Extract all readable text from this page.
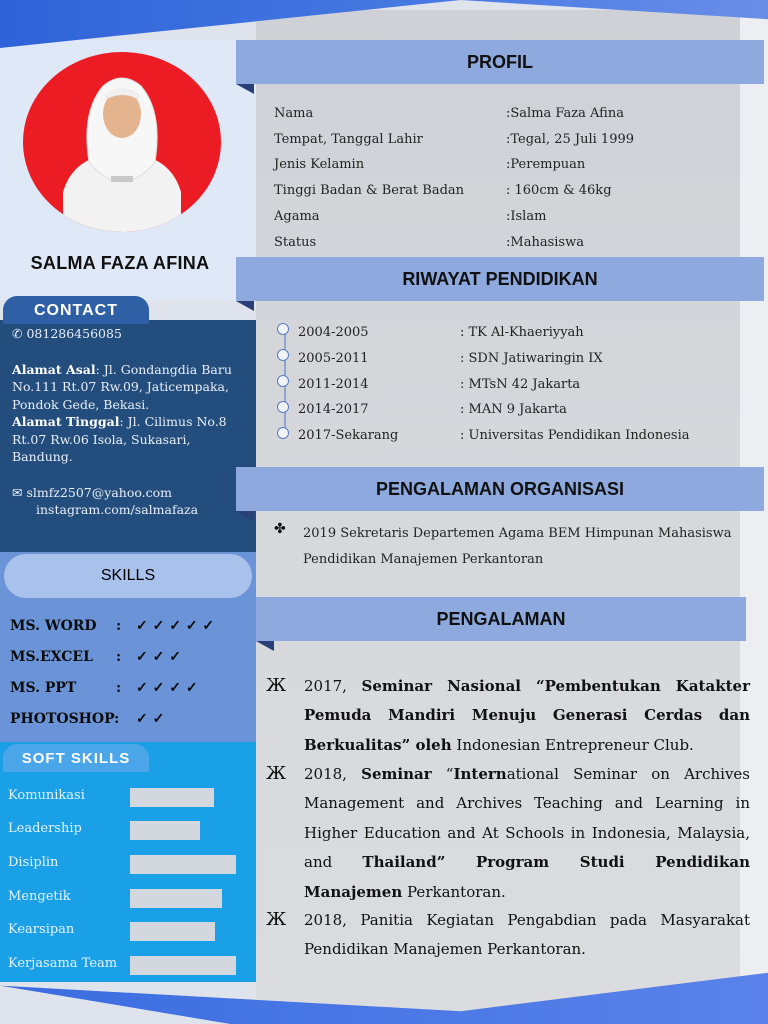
SALMA FAZA AFINA
CONTACT
✆ 081286456085
Alamat Asal: Jl. Gondangdia Baru
No.111 Rt.07 Rw.09, Jaticempaka,
Pondok Gede, Bekasi.
Alamat Tinggal: Jl. Cilimus No.8
Rt.07 Rw.06 Isola, Sukasari,
Bandung.
✉ slmfz2507@yahoo.com
instagram.com/salmafaza
SKILLS
MS. WORD : ✓ ✓ ✓ ✓ ✓
MS.EXCEL : ✓ ✓ ✓
MS. PPT	: ✓ ✓ ✓ ✓
PHOTOSHOP: ✓ ✓
SOFT SKILLS
Komunikasi
Leadership
Disiplin
Mengetik
Kearsipan
Kerjasama Team
PROFIL
Nama	:Salma Faza Afina
Tempat, Tanggal Lahir	:Tegal, 25 Juli 1999
Jenis Kelamin	:Perempuan
Tinggi Badan & Berat Badan	: 160cm & 46kg
Agama	:Islam
Status	:Mahasiswa
RIWAYAT PENDIDIKAN
2004-2005	: TK Al-Khaeriyyah
2005-2011	: SDN Jatiwaringin IX
2011-2014	: MTsN 42 Jakarta
2014-2017	: MAN 9 Jakarta
2017-Sekarang	: Universitas Pendidikan Indonesia
PENGALAMAN ORGANISASI
✤ 2019 Sekretaris Departemen Agama BEM Himpunan Mahasiswa
Pendidikan Manajemen Perkantoran
PENGALAMAN
Ж 2017, Seminar Nasional “Pembentukan Katakter Pemuda Mandiri Menuju Generasi Cerdas dan Berkualitas” oleh Indonesian Entrepreneur Club.
Ж 2018, Seminar “International Seminar on Archives Management and Archives Teaching and Learning in Higher Education and At Schools in Indonesia, Malaysia, and Thailand” Program Studi Pendidikan Manajemen Perkantoran.
Ж 2018, Panitia Kegiatan Pengabdian pada Masyarakat Pendidikan Manajemen Perkantoran.
